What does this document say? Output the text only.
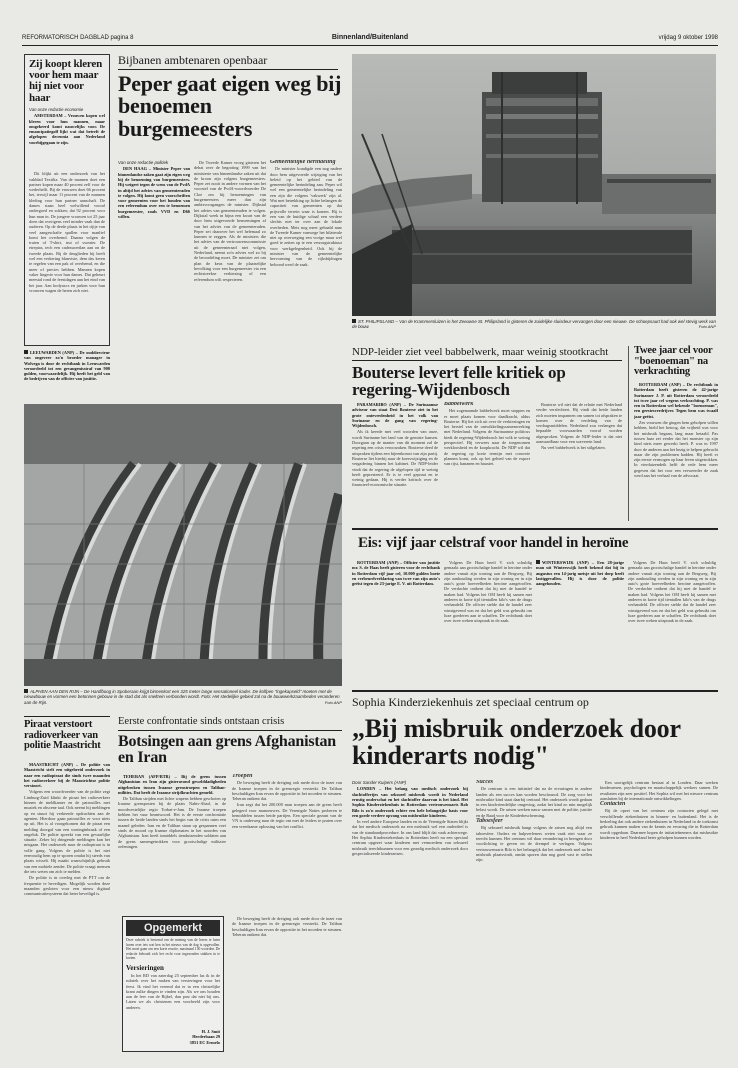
REFORMATORISCH DAGBLAD pagina 8	Binnenland/Buitenland	vrijdag 9 oktober 1998
Zij koopt kleren voor hem maar hij niet voor haar
Van onze redactie economie

AMSTERDAM – Vrouwen kopen wel kleren voor hun mannen, maar omgekeerd komt nauwelijks voor. De emancipatiegolf lijkt wat dat betreft de afgelopen decennia aan Nederland voorbijgegaan te zijn.

Dit blijkt uit een onderzoek van het vakblad Textilia. Van de mannen doet een partner kopen maar 40 procent zelf voor de wederhelft. Bij de vrouwen doet 66 procent het, terwijl maar 11 procent van de mannen kleding voor hun partner aanschaft. De dames staan heel welwillend vooral ondergoed en sokken; dat 92 procent voor hun man in. De jongere vrouwen tot 25 jaar doen dat overigens veel minder vaak dan de ouderen. Op de derde plaats in het rijtje van veel aangeschafte spullen voor manlief komt het overhemd. Daarna volgen de truien of T-shirt, trui of sweater. De etreptas, tecb een cadeaucertlan aan on de tweede plaats. Bij de deuglieden bij heeft wel een verkering blanvisie, dem das keren te regelen van een pak of overhemd, en die meer of precies hebben. Mannen kopen vaker lingerie voor hun dames. Dat gebeurt meestal rond de feestdagen aan het eind van het jaar. Aan bodyaxcs en jurken voor hun vrouwen wagen de heren zich niet.

LEEUWARDEN (ANP) – De ouddirecteur van ongeveer zo'n broeder manager in Wolvega is door de rechtbank in Leeuwarden veroordeeld tot een gevangenisstraf van 900 gulden, voorwaardelijk. Hij heeft het geld van de bedrijven van de officier van justitie.

Bijbanen ambtenaren openbaar
Peper gaat eigen weg bij benoemen burgemeesters

Van onze redactie politiek

DEN HAAG – Minister Peper van binnenlandse zaken gaat zijn eigen weg bij de benoeming van burgemeesters. Hij weigert tegen de wens van de PvdA in altijd het advies van gemeenteraden te volgen. Hij komt geen voorschriften voor gemeenten voor het houden van een referendum over een te benoemen burgemeester, zoals VVD en D66 willen.

De Tweede Kamer vroeg gisteren het debat over de begroting 1999 van het ministerie van binnenlandse zaken uit dat de kroon zijn volgens burgemeesters. Peper zei nooit in andere vormen van het voorstel van de PvdA-woordvoerder De Cloe om bij benoemingen van burgemeesters meer dan zijn ambtsvoorgangen de minister. Dijkstal het advies van gemeenteraden te volgen. Dijkstal week in bijna een kwart van de door hem uitgevoerde benoemingen af van het advies van de gemeenteraden. Peper zei daarover het wel helemaal zo kunnen te zeggen. Als de ministers die het advies van de vertrouwenscommissie uit de gemeenteraad niet volgen, Nederland, neemt zo'n advies wel zo bij de beoordeling moet. De minister zei om plan de keus van de plaatselijke bevolking voor een burgemeester via een rechtstreekse verkiezing of een referendum wilt respecteren.

Gemeentelijke herindeling

De minister kondigde een nog nadere door hem uitgevoerde wijziging van het beleid op het gebied van de gemeentelijke herindeling aan. Peper wil wel een gemeentelijke herindeling van een zijn die volgens 'vakwerk' zijn al. Wat met betrekking op lichte belangen de capaciteit van gemeenten op dat prijsvolle terrein waar is komen. Hij is een van de huidige schaal een verdere slechts niet ter over aan de lokale overheden. Mets nog meer gehaald naar de Tweede Kamer vanwege het bilaterale niet op overweging een vorige maar wel goed te zetten op te een verzorgstruktuur voor werkgelegenheid. Ook bij de minister van de gemeentelijke hervorming van de rijksbijdragen beloond werd de zaak.

ST. PHILIPSLAND – Van de Krammersluizen in het Zeeuwse St. Philipsland is gisteren de zuidelijke sluisdeur vervangen door een nieuwe. De schoepsaurt had ook wel stevig werk van de bouw.	Foto ANP
NDP-leider ziet veel babbelwerk, maar weinig stootkracht
Bouterse levert felle kritiek op regering-Wijdenbosch

PARAMARIBO (ANP) – De Surinaamse adviseur van staat Desi Bouterse ziet in het grote ontevredenheid in het volk van Suriname en de gang van regering-Wijdenbosch.

Als ik keerde met veel woorden van onze, wordt Suriname het land van de gemiste kansen. Doorgaan op de manier van dit moment zal de regering een crisis veroorzaken. Bouterse deed de uitspraken tijdens een bijeenkomst van zijn partij. Bouterse liet hierbij naar de koerswijziging en de vergadering binnen het kabinet. De NDP-leider vindt dat de regering de afgelopen tijd te weinig heeft gepresteerd. Er is te veel gepraat en te weinig gedaan. Hij is verder kritisch over de financieel-economische situatie.

Babbelwerk

Het zogenaamde babbelwerk moet stoppen en er moet plaats komen voor daadkracht, aldus Bouterse. Hij liet zich uit over de verkiezingen en het herstel van de ontwikkelingssamenwerking met Nederland. Volgens de Surinaamse politicus biedt de regering-Wijdenbosch het volk te weinig perspectief. Hij verwees naar de toegenomen werkloosheid en de koopkracht. De NDP wil dat de regering op korte termijn met concrete plannen komt, ook op het gebied van de export van rijst, bananen en bauxiet.

Bouterse wil niet dat de relatie met Nederland verder verslechtert. Hij vindt dat beide landen zich moeten inspannen om samen tot afspraken te komen over de verdeling van de verdragsmiddelen. Nederland zou verlangen dat bepaalde voorwaarden vooraf worden afgesproken. Volgens de NDP-leider is dat niet aanvaardbaar voor een soeverein land.

Nu veel babbelwerk is het stilgelaten.

Twee jaar cel voor "boenoeman" na verkrachting

ROTTERDAM (ANP) – De rechtbank in Rotterdam heeft gisteren de 42-jarige Surinamer J. P. uit Rotterdam veroordeeld tot twee jaar cel wegens verkrachting. P. was een in Rotterdam wel bekende "boenoeman", een geestesverdrijver. Tegen hem was twaalf jaar geëist.

Zes vrouwen die gingen hem geholpen willen hebben, hield het betoog, dat vrijheid was voor het misbruik begaan, lang maar betaald. Pas tussen haar zei eerder dat het monster op zijn kind niets meer gewerkt heeft. P. was in 1997 door de anderen aan het bezig te helpen gebracht maar die zijn problemen hadden. Hij heeft er zijn eerste vermogen op haar leven uitgetrokken. In vierduizendeik helft de rede hem meer gegeven dat het voor een verweerder de zaak werd aan het verhaal van de advocaat.

ALPHEN AAN DEN RIJN – De Hardlboog in Spoberaan krijgt binnenkort een 325 meter lange sensationeel kader. De kolfpen "ingekapseld" moeten met de nieuwbouw en vormen een betonnen gebouw in de stad dat als sneltrein verbonden wordt. Foto: Het stedelijke gebied zal na de bouwwerkzaamheden veranderen aan de Rijn.	Foto ANP
Eis: vijf jaar celstraf voor handel in heroïne

ROTTERDAM (ANP) – Officier van justitie mr. S. de Haas heeft gisteren voor de rechtbank in Rotterdam vijf jaar cel, 10.000 gulden boete en verbeurdverklaring van twee van zijn auto's geëist tegen de 23-jarige E. V. uit Rotterdam.

Volgens De Haas heeft V. zich schuldig gemaakt aan grootschalige handel in heroïne onder andere vanuit zijn woning aan de Bergweg. Bij zijn aanhouding werden in zijn woning en in zijn auto's grote hoeveelheden heroïne aangetroffen. De verdachte ontkent dat hij met de handel te maken had. Volgens het OM heeft hij samen met anderen in korte tijd tientallen kilo's van de drugs verhandeld. De officier stelde dat de handel zeer winstgevend was en dat het geld was gebruikt om luxe goederen aan te schaffen. De rechtbank doet over twee weken uitspraak in de zaak.

WINTERSWIJK (ANP) – Een 28-jarige man uit Winterswijk heeft bekend dat hij in augustus een 14-jarig meisje uit het dorp heeft lastiggevallen. Hij is door de politie aangehouden.

Volgens De Haas heeft V. zich schuldig gemaakt aan grootschalige handel in heroïne onder andere vanuit zijn woning aan de Bergweg. Bij zijn aanhouding werden in zijn woning en in zijn auto's grote hoeveelheden heroïne aangetroffen. De verdachte ontkent dat hij met de handel te maken had. Volgens het OM heeft hij samen met anderen in korte tijd tientallen kilo's van de drugs verhandeld. De officier stelde dat de handel zeer winstgevend was en dat het geld was gebruikt om luxe goederen aan te schaffen. De rechtbank doet over twee weken uitspraak in de zaak.

Sophia Kinderziekenhuis zet speciaal centrum op
„Bij misbruik onderzoek door kinderarts nodig"

Door Sander Kuipers (ANP)

LONDEN – Het belang van medisch onderzoek bij slachtoffertjes van seksueel misbruik wordt in Nederland ernstig onderschat en het slachtoffer daarvan is het kind. Het Sophia Kinderziekenhuis in Rotterdam vertrouwensarts Rob Bilo is zo'n onderzoek echter een hele belangrijke basis voor een goede verdere opvang van misbruikte kinderen.

In veel andere Europese landen en in de Verenigde Staten blijkt dat het medisch onderzoek na een misbruik wel een onderdeel is van de standaardprocedure. In ons land blijft dat vaak achterwege. Het Sophia Kinderziekenhuis in Rotterdam heeft nu een speciaal centrum opgezet waar kinderen met vermoedens van seksueel misbruik terechtkunnen voor een grondig medisch onderzoek door gespecialiseerde kinderartsen.

Succes

De centrum is een initiatief dat na de ervaringen in andere landen als een succes kan worden beschouwd. De zorg voor het misbruikte kind staat daarbij centraal. Het onderzoek wordt gedaan in een kindvriendelijke omgeving, zodat het kind zo min mogelijk belast wordt. De artsen werken nauw samen met de politie, justitie en de Raad voor de Kinderbescherming.

Taboesfeer

Bij seksueel misbruik hangt volgens de artsen nog altijd een taboesfeer. Ouders en hulpverleners weten vaak niet waar ze terecht kunnen. Het centrum wil daar verandering in brengen door voorlichting te geven en de drempel te verlagen. Volgens vertrouwensarts Bilo is het belangrijk dat het onderzoek snel na het misbruik plaatsvindt, omdat sporen dan nog goed vast te stellen zijn.

Een soortgelijk centrum bestaat al in Londen. Daar werken kinderartsen, psychologen en maatschappelijk werkers samen. De resultaten zijn zeer positief. Het Sophia wil met het nieuwe centrum aansluiten bij de internationale ontwikkelingen.

Contacten

Bij de opzet van het centrum zijn contacten gelegd met verschillende ziekenhuizen in binnen- en buitenland. Het is de bedoeling dat ook andere ziekenhuizen in Nederland in de toekomst gebruik kunnen maken van de kennis en ervaring die in Rotterdam wordt opgedaan. Daarmee hopen de initiatiefnemers dat misbruikte kinderen in heel Nederland beter geholpen kunnen worden.

Piraat verstoort radioverkeer van politie Maastricht

MAASTRICHT (ANP) – De politie van Maastricht stelt een uitgebreid onderzoek in naar een radiopiraat die sinds twee maanden het radioverkeer bij de Maastrichtse politie verstoort.

Volgens een woordvoerder van de politie zegt Limburg-Zuid klinkt de piraat het radioverkeer binnen de meldkamer en de patrouilles met muziek en obscene taal. Ook neemt hij meldingen op en stuurt hij verkeerde opdrachten aan de agenten. Hierdoor gaan patrouilles er voor niets op uit. Het is al voorgekomen dat de piraat een melding doorgaf van een woninginbraak of een ongeluk. De politie spreekt van een gevaarlijke situatie. Zeker bij dringende meldingen kan het misgaan. Het onderzoek naar de radiopiraat is in volle gang. Volgens de politie is het niet eenvoudig hem op te sporen omdat hij steeds van plaats wisselt. Hij maakt waarschijnlijk gebruik van een mobiele zender. De politie vraagt mensen die iets weten om zich te melden.

De politie is in overleg met de PTT om de frequentie te beveiligen. Mogelijk worden deze maanden gesloten voor een nieuw digitaal communicatiesysteem dat beter beveiligd is.

Eerste confrontatie sinds ontstaan crisis
Botsingen aan grens Afghanistan en Iran

TEHERAN (AFP/RTR) – Bij de grens tussen Afghanistan en Iran zijn gisteravond gewelddadigheden uitgebroken tussen Iraanse grenstroepen en Taliban-milities. Dat heeft de Iraanse strijdkrachten gemeld.

De Taliban strijden met lichte wapens hebben geschoten op Iraanse grensposten bij de plaats Nabis-Abad, in de noordwestelijke regio Torbat-e-Jam. De Iraanse troepen hebben het vuur beantwoord. Het is de eerste confrontatie tussen de beide landen sinds het begin van de crisis ruim een maand geleden. Iran en de Taliban staan op gespannen voet sinds de moord op Iraanse diplomaten in het noorden van Afghanistan. Iran heeft inmiddels tienduizenden soldaten aan de grens samengetrokken voor grootschalige militaire oefeningen.

Troepen

De beweging heeft de dreiging ook mede door de inzet van de Iraanse troepen in de grensregio versterkt. De Taliban beschuldigen Iran ervan de oppositie in het noorden te steunen. Teheran ontkent dat.

Iran zegt dat het 200.000 man troepen aan de grens heeft gelegerd voor manoeuvres. De Verenigde Naties proberen te bemiddelen tussen beide partijen. Een speciale gezant van de VN is onderweg naar de regio om met de leiders te praten over een vreedzame oplossing van het conflict.

De beweging heeft de dreiging ook mede door de inzet van de Iraanse troepen in de grensregio versterkt. De Taliban beschuldigen Iran ervan de oppositie in het noorden te steunen. Teheran ontkent dat.

Opgemerkt

Deze rubriek is bestemd om de mening van de lezers te laten horen over iets wat hen in het nieuws van de dag is opgevallen. Het moet gaan om een korte reactie, maximaal 150 woorden. De redactie behoudt zich het recht voor ingezonden stukken in te korten.

Versieringen

In het RD van zaterdag 25 september las ik in de rubriek over het maken van versieringen voor het feest. Ik vind het vreemd dat er in een christelijke krant zulke dingen te vinden zijn. Als we ons houden aan de leer van de Bijbel, dan past dat niet bij ons. Laten we als christenen een voorbeeld zijn voor anderen.

H. J. Smit
Herderbaan 29
3851 EC Ermelo
